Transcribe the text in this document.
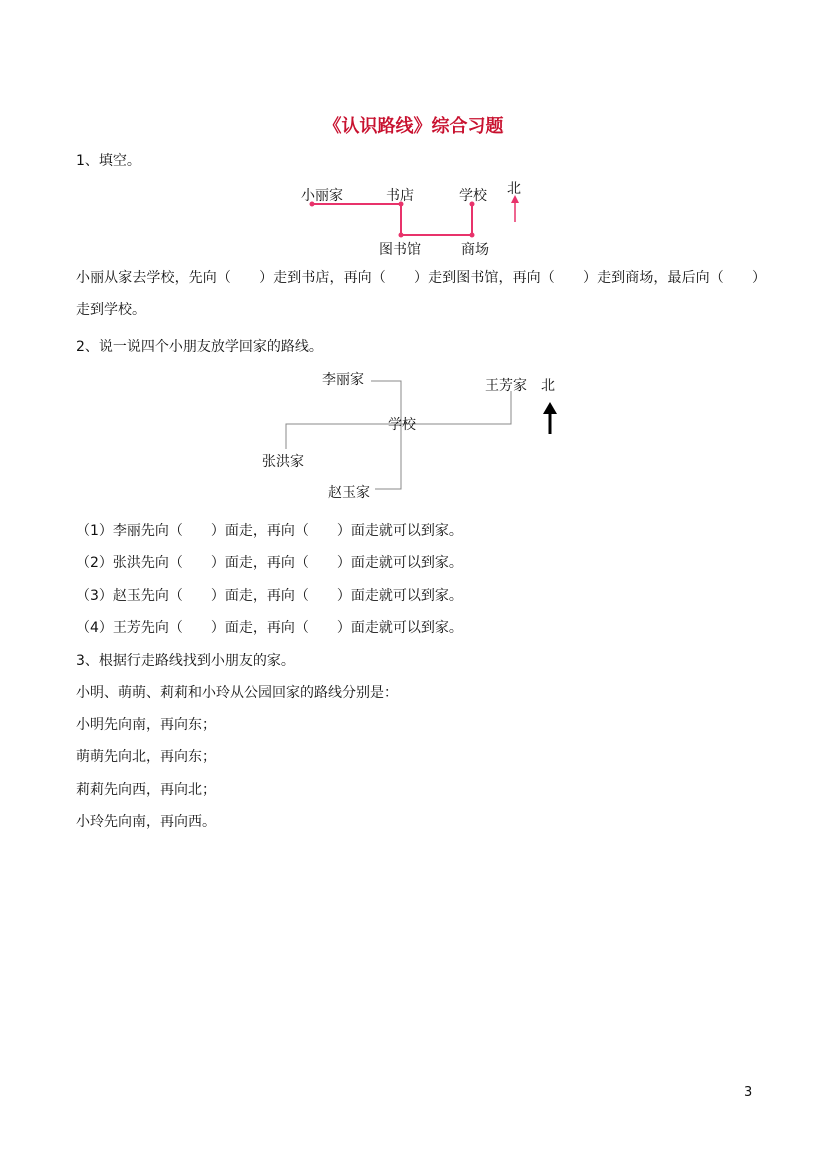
《认识路线》综合习题
1、填空。
小丽家	书店	学校 北
图书馆	商场
小丽从家去学校，先向（　　）走到书店，再向（　　）走到图书馆，再向（　　）走到商场，最后向（　　）走到学校。
2、说一说四个小朋友放学回家的路线。
李丽家	王芳家 北
学校
张洪家
赵玉家
（1）李丽先向（　　）面走，再向（　　）面走就可以到家。
（2）张洪先向（　　）面走，再向（　　）面走就可以到家。
（3）赵玉先向（　　）面走，再向（　　）面走就可以到家。
（4）王芳先向（　　）面走，再向（　　）面走就可以到家。
3、根据行走路线找到小朋友的家。
小明、萌萌、莉莉和小玲从公园回家的路线分别是：
小明先向南，再向东；
萌萌先向北，再向东；
莉莉先向西，再向北；
小玲先向南，再向西。
3
